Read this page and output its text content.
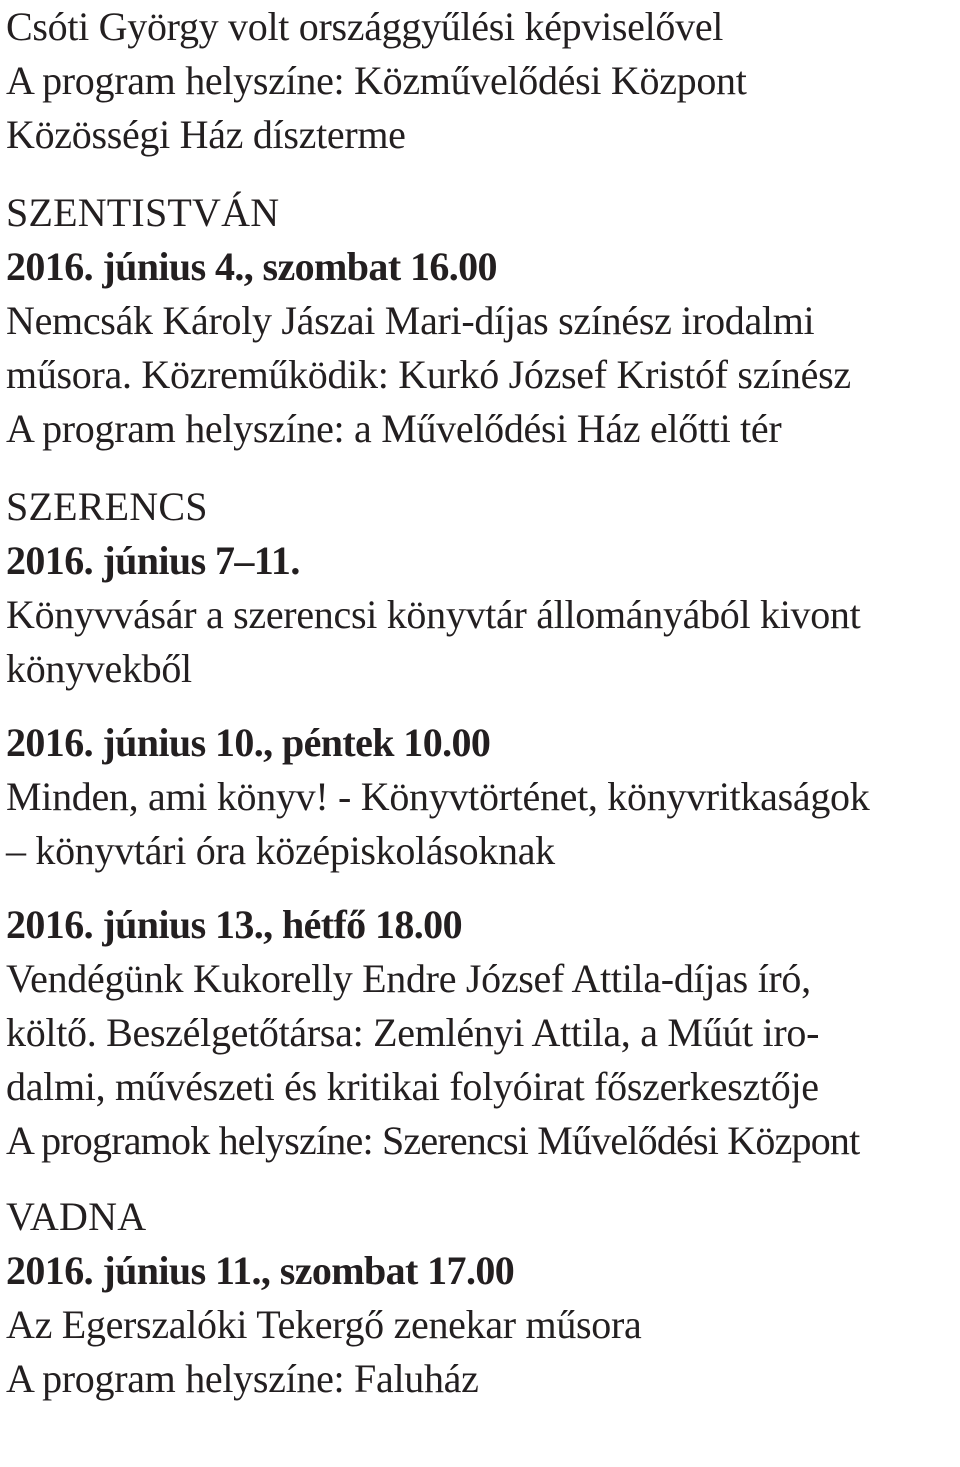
Csóti György volt országgyűlési képviselővel
A program helyszíne: Közművelődési Központ
Közösségi Ház díszterme
SZENTISTVÁN
2016. június 4., szombat 16.00
Nemcsák Károly Jászai Mari-díjas színész irodalmi
műsora. Közreműködik: Kurkó József Kristóf színész
A program helyszíne: a Művelődési Ház előtti tér
SZERENCS
2016. június 7–11.
Könyvvásár a szerencsi könyvtár állományából kivont
könyvekből
2016. június 10., péntek 10.00
Minden, ami könyv! - Könyvtörténet, könyvritkaságok
– könyvtári óra középiskolásoknak
2016. június 13., hétfő 18.00
Vendégünk Kukorelly Endre József Attila-díjas író,
költő. Beszélgetőtársa: Zemlényi Attila, a Műút iro-
dalmi, művészeti és kritikai folyóirat főszerkesztője
A programok helyszíne: Szerencsi Művelődési Központ
VADNA
2016. június 11., szombat 17.00
Az Egerszalóki Tekergő zenekar műsora
A program helyszíne: Faluház
